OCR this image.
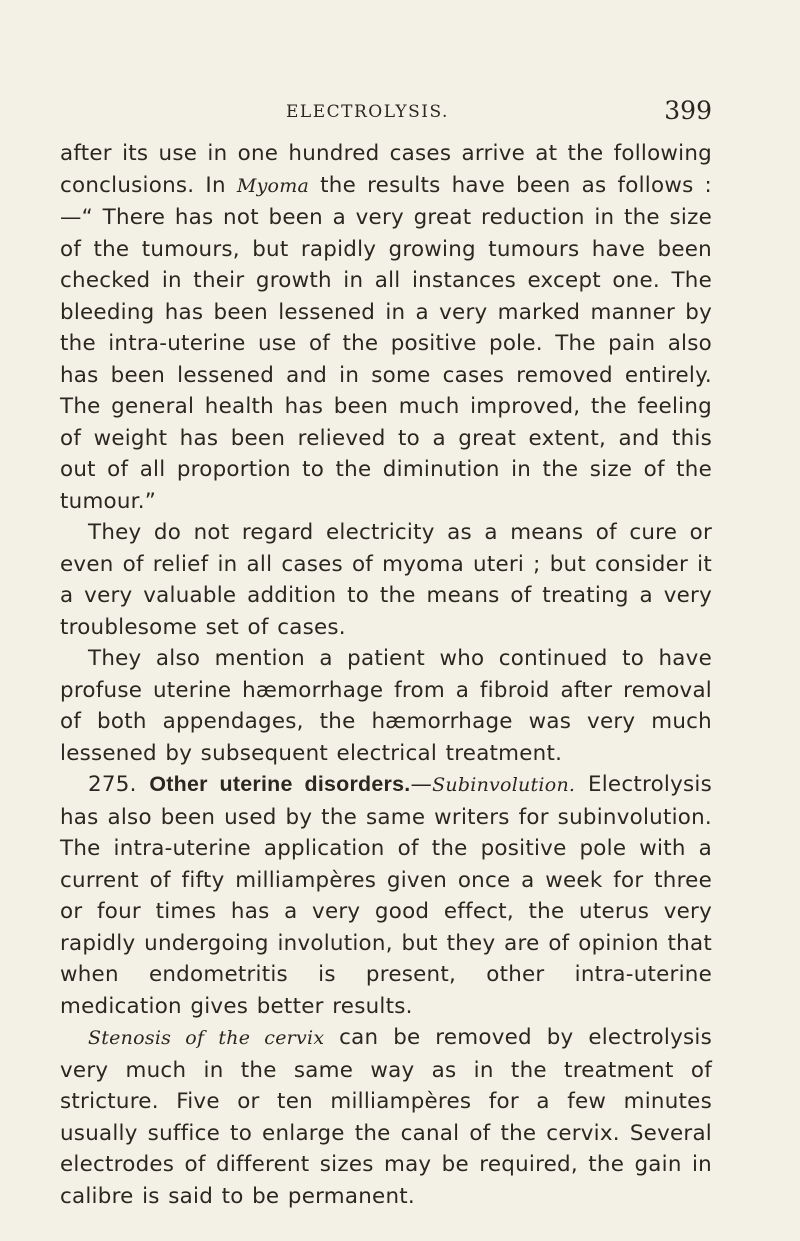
ELECTROLYSIS.	399

after its use in one hundred cases arrive at the following conclusions. In Myoma the results have been as follows :—“ There has not been a very great reduction in the size of the tumours, but rapidly growing tumours have been checked in their growth in all instances except one. The bleeding has been lessened in a very marked manner by the intra-uterine use of the positive pole. The pain also has been lessened and in some cases removed entirely. The general health has been much improved, the feeling of weight has been relieved to a great extent, and this out of all proportion to the diminution in the size of the tumour.”

They do not regard electricity as a means of cure or even of relief in all cases of myoma uteri ; but consider it a very valuable addition to the means of treating a very troublesome set of cases.

They also mention a patient who continued to have profuse uterine hæmorrhage from a fibroid after removal of both appendages, the hæmorrhage was very much lessened by subsequent electrical treatment.

275. Other uterine disorders.—Subinvolution. Electrolysis has also been used by the same writers for subinvolution. The intra-uterine application of the positive pole with a current of fifty milliampères given once a week for three or four times has a very good effect, the uterus very rapidly undergoing involution, but they are of opinion that when endometritis is present, other intra-uterine medication gives better results.

Stenosis of the cervix can be removed by electrolysis very much in the same way as in the treatment of stricture. Five or ten milliampères for a few minutes usually suffice to enlarge the canal of the cervix. Several electrodes of different sizes may be required, the gain in calibre is said to be permanent.
